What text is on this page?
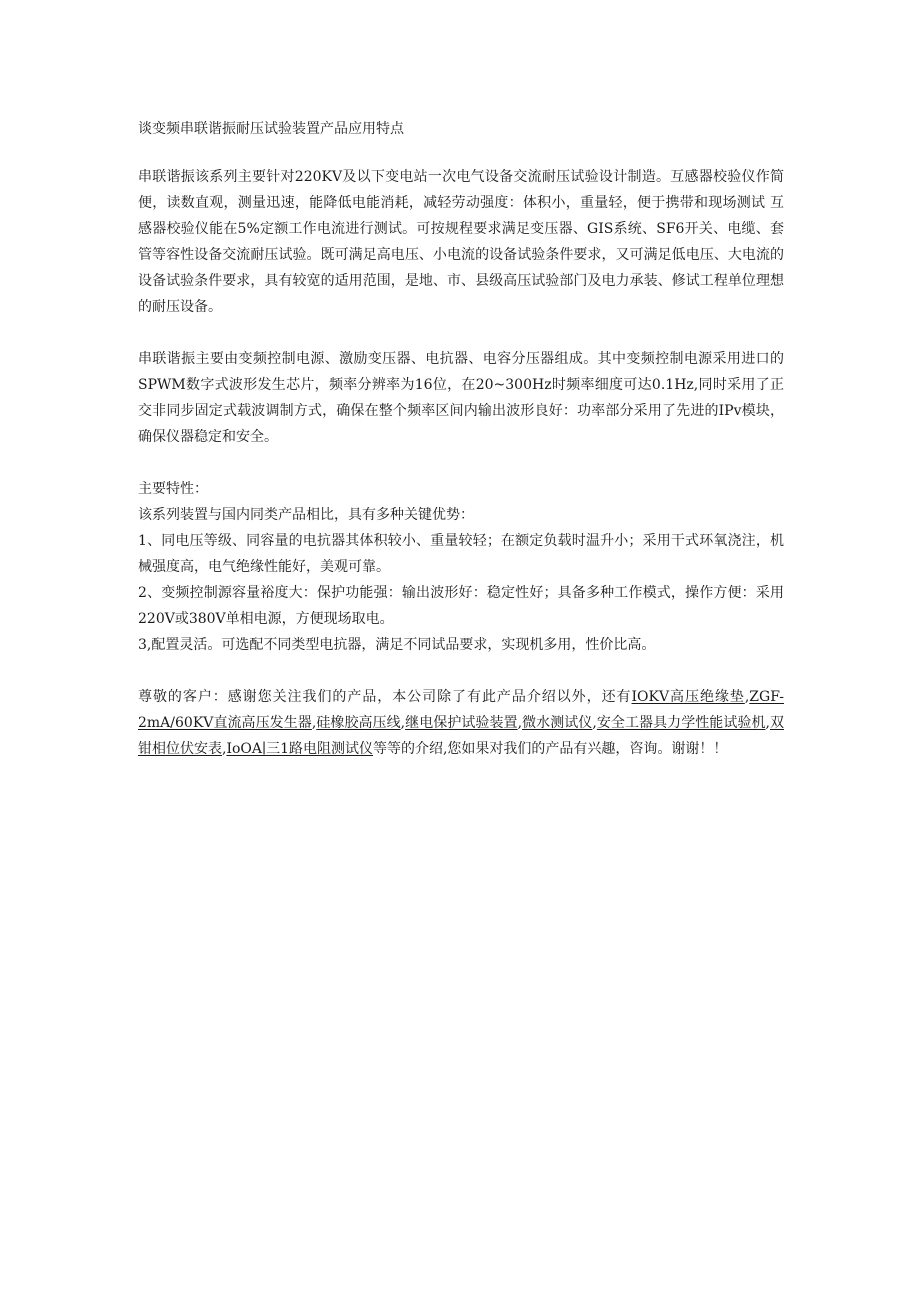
谈变频串联谐振耐压试验装置产品应用特点

串联谐振该系列主要针对220KV及以下变电站一次电气设备交流耐压试验设计制造。互感器校验仪作简便，读数直观，测量迅速，能降低电能消耗，减轻劳动强度：体积小，重量轻，便于携带和现场测试 互感器校验仪能在5%定额工作电流进行测试。可按规程要求满足变压器、GIS系统、SF6开关、电缆、套管等容性设备交流耐压试验。既可满足高电压、小电流的设备试验条件要求，又可满足低电压、大电流的设备试验条件要求，具有较宽的适用范围，是地、市、县级高压试验部门及电力承装、修试工程单位理想的耐压设备。

串联谐振主要由变频控制电源、激励变压器、电抗器、电容分压器组成。其中变频控制电源采用进口的SPWM数字式波形发生芯片，频率分辨率为16位，在20~300Hz时频率细度可达0.1Hz,同时采用了正交非同步固定式载波调制方式，确保在整个频率区间内输出波形良好：功率部分采用了先进的IPv模块，确保仪器稳定和安全。

主要特性：

该系列装置与国内同类产品相比，具有多种关键优势：

1、同电压等级、同容量的电抗器其体积较小、重量较轻；在额定负载时温升小；采用干式环氧浇注，机械强度高，电气绝缘性能好，美观可靠。

2、变频控制源容量裕度大：保护功能强：输出波形好：稳定性好；具备多种工作模式，操作方便：采用220V或380V单相电源，方便现场取电。

3,配置灵活。可选配不同类型电抗器，满足不同试品要求，实现机多用，性价比高。

尊敬的客户：感谢您关注我们的产品，本公司除了有此产品介绍以外，还有IOKV高压绝缘垫,ZGF-2mA/60KV直流高压发生器,硅橡胶高压线,继电保护试验装置,微水测试仪,安全工器具力学性能试验机,双钳相位伏安表,IoOA∣三1路电阻测试仪等等的介绍,您如果对我们的产品有兴趣，咨询。谢谢！！
